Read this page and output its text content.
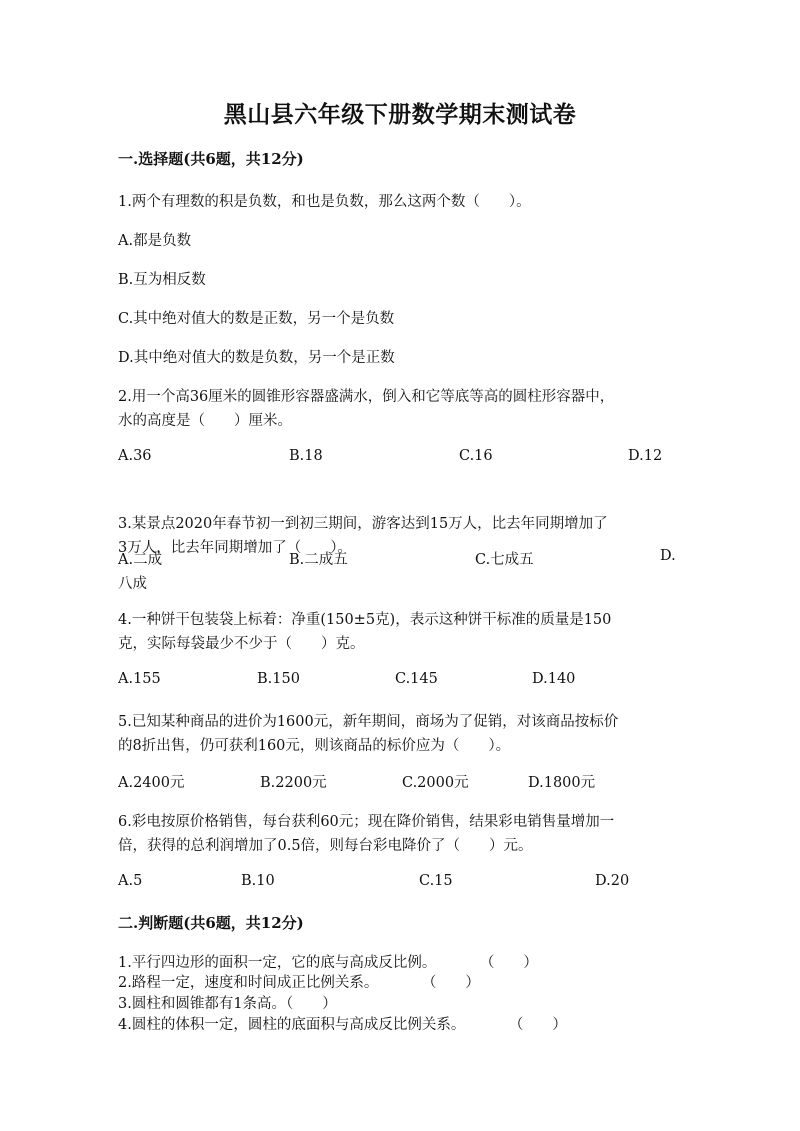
黑山县六年级下册数学期末测试卷
一.选择题(共6题，共12分)
1.两个有理数的积是负数，和也是负数，那么这两个数（　　）。
A.都是负数
B.互为相反数
C.其中绝对值大的数是正数，另一个是负数
D.其中绝对值大的数是负数，另一个是正数
2.用一个高36厘米的圆锥形容器盛满水，倒入和它等底等高的圆柱形容器中，
水的高度是（　　）厘米。
A.36	B.18	C.16	D.12
3.某景点2020年春节初一到初三期间，游客达到15万人，比去年同期增加了
3万人，比去年同期增加了（　　）。
A.二成	B.二成五	C.七成五	D.
八成
4.一种饼干包装袋上标着：净重(150±5克)，表示这种饼干标准的质量是150
克，实际每袋最少不少于（　　）克。
A.155	B.150	C.145	D.140
5.已知某种商品的进价为1600元，新年期间，商场为了促销，对该商品按标价
的8折出售，仍可获利160元，则该商品的标价应为（　　）。
A.2400元	B.2200元	C.2000元	D.1800元
6.彩电按原价格销售，每台获利60元；现在降价销售，结果彩电销售量增加一
倍，获得的总利润增加了0.5倍，则每台彩电降价了（　　）元。
A.5	B.10	C.15	D.20
二.判断题(共6题，共12分)
1.平行四边形的面积一定，它的底与高成反比例。　　　　（　　）
2.路程一定，速度和时间成正比例关系。　　　　（　　）
3.圆柱和圆锥都有1条高。（　　）
4.圆柱的体积一定，圆柱的底面积与高成反比例关系。　　　　（　　）
